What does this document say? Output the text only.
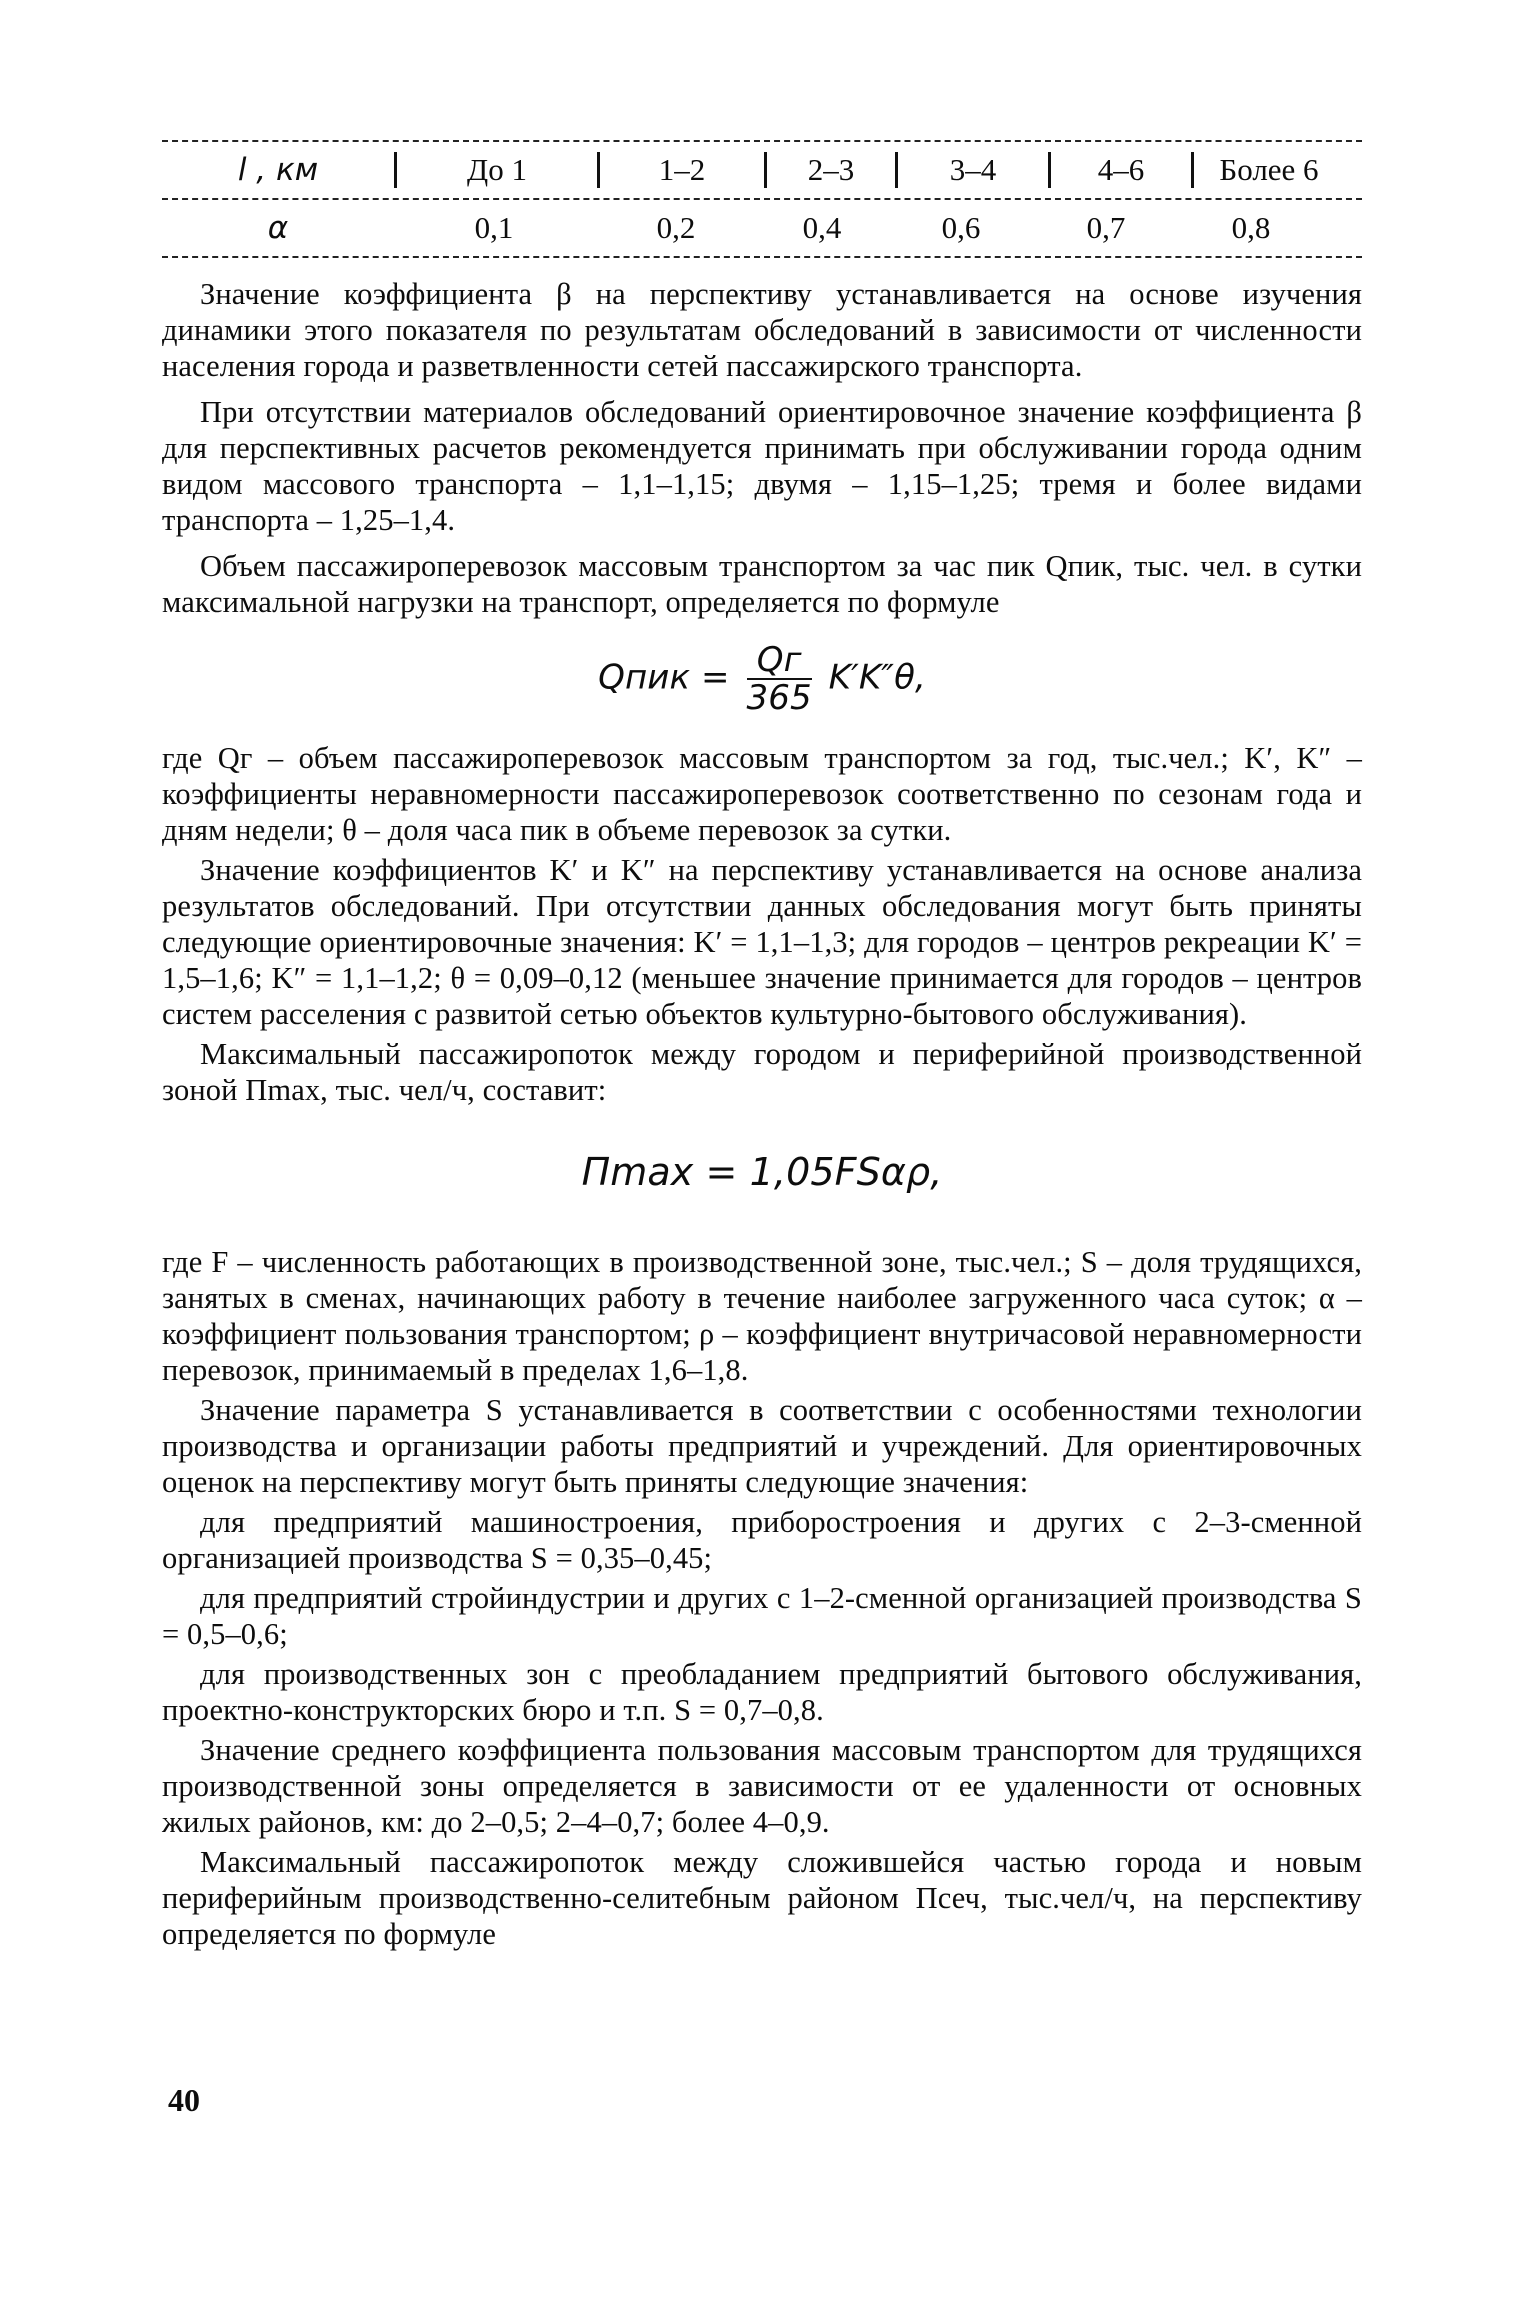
l , км	До 1	1–2	2–3	3–4	4–6	Более 6
α	0,1	0,2	0,4	0,6	0,7	0,8

Значение коэффициента β на перспективу устанавливается на основе изучения динамики этого показателя по результатам обследований в зависимости от численности населения города и разветвленности сетей пассажирского транспорта.

При отсутствии материалов обследований ориентировочное значение коэффициента β для перспективных расчетов рекомендуется принимать при обслуживании города одним видом массового транспорта – 1,1–1,15; двумя – 1,15–1,25; тремя и более видами транспорта – 1,25–1,4.

Объем пассажироперевозок массовым транспортом за час пик Qпик, тыс. чел. в сутки максимальной нагрузки на транспорт, определяется по формуле

Qпик = $\frac{Qг}{365} K'K''\theta$,

где Qг – объем пассажироперевозок массовым транспортом за год, тыс.чел.; K′, K″ – коэффициенты неравномерности пассажироперевозок соответственно по сезонам года и дням недели; θ – доля часа пик в объеме перевозок за сутки.

Значение коэффициентов K′ и K″ на перспективу устанавливается на основе анализа результатов обследований. При отсутствии данных обследования могут быть приняты следующие ориентировочные значения: K′ = 1,1–1,3; для городов – центров рекреации K′ = 1,5–1,6; K″ = 1,1–1,2; θ = 0,09–0,12 (меньшее значение принимается для городов – центров систем расселения с развитой сетью объектов культурно-бытового обслуживания).

Максимальный пассажиропоток между городом и периферийной производственной зоной Пmax, тыс. чел/ч, составит:

Пmax = 1,05FSαρ,

где F – численность работающих в производственной зоне, тыс.чел.; S – доля трудящихся, занятых в сменах, начинающих работу в течение наиболее загруженного часа суток; α – коэффициент пользования транспортом; ρ – коэффициент внутричасовой неравномерности перевозок, принимаемый в пределах 1,6–1,8.

Значение параметра S устанавливается в соответствии с особенностями технологии производства и организации работы предприятий и учреждений. Для ориентировочных оценок на перспективу могут быть приняты следующие значения:

для предприятий машиностроения, приборостроения и других с 2–3-сменной организацией производства S = 0,35–0,45;

для предприятий стройиндустрии и других с 1–2-сменной организацией производства S = 0,5–0,6;

для производственных зон с преобладанием предприятий бытового обслуживания, проектно-конструкторских бюро и т.п. S = 0,7–0,8.

Значение среднего коэффициента пользования массовым транспортом для трудящихся производственной зоны определяется в зависимости от ее удаленности от основных жилых районов, км: до 2–0,5; 2–4–0,7; более 4–0,9.

Максимальный пассажиропоток между сложившейся частью города и новым периферийным производственно-селитебным районом Псеч, тыс.чел/ч, на перспективу определяется по формуле

40
